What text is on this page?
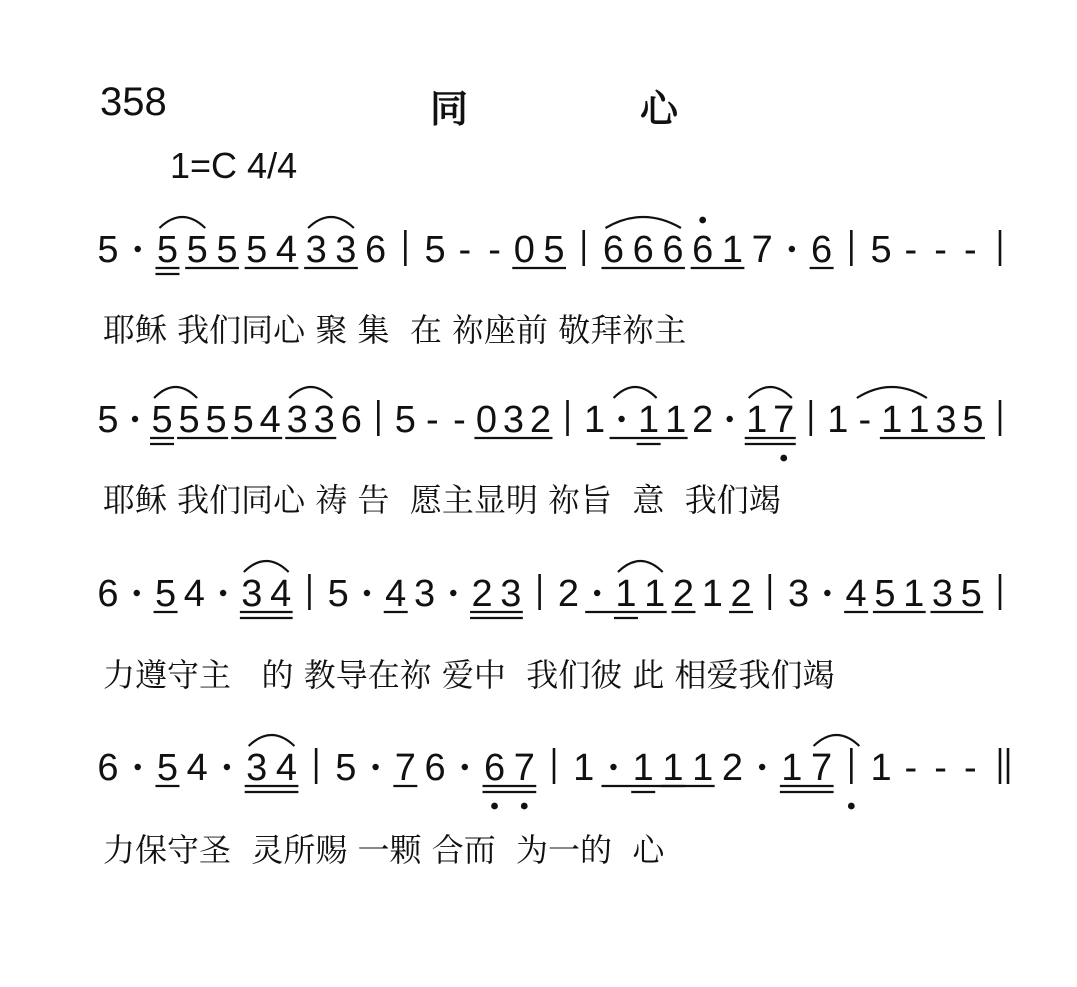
358	同	心
1=C 4/4
5 5 5 5 5 4 3 3 6 5 - - 0 5 6 6 6 6 1 7 6 5 - - -
5 5 5 5 5 4 3 3 6 5 - - 0 3 2 1 1 1 2 1 7 1 - 1 1 3 5
6 5 4 3 4 5 4 3 2 3 2 1 1 2 1 2 3 4 5 1 3 5
6 5 4 3 4 5 7 6 6 7 1 1 1 1 2 1 7 1 - - -
耶稣 我们同心 聚 集  在 祢座前 敬拜祢主
耶稣 我们同心 祷 告  愿主显明 祢旨  意  我们竭
力遵守主   的 教导在祢 爱中  我们彼 此 相爱我们竭
力保守圣  灵所赐 一颗 合而  为一的  心
